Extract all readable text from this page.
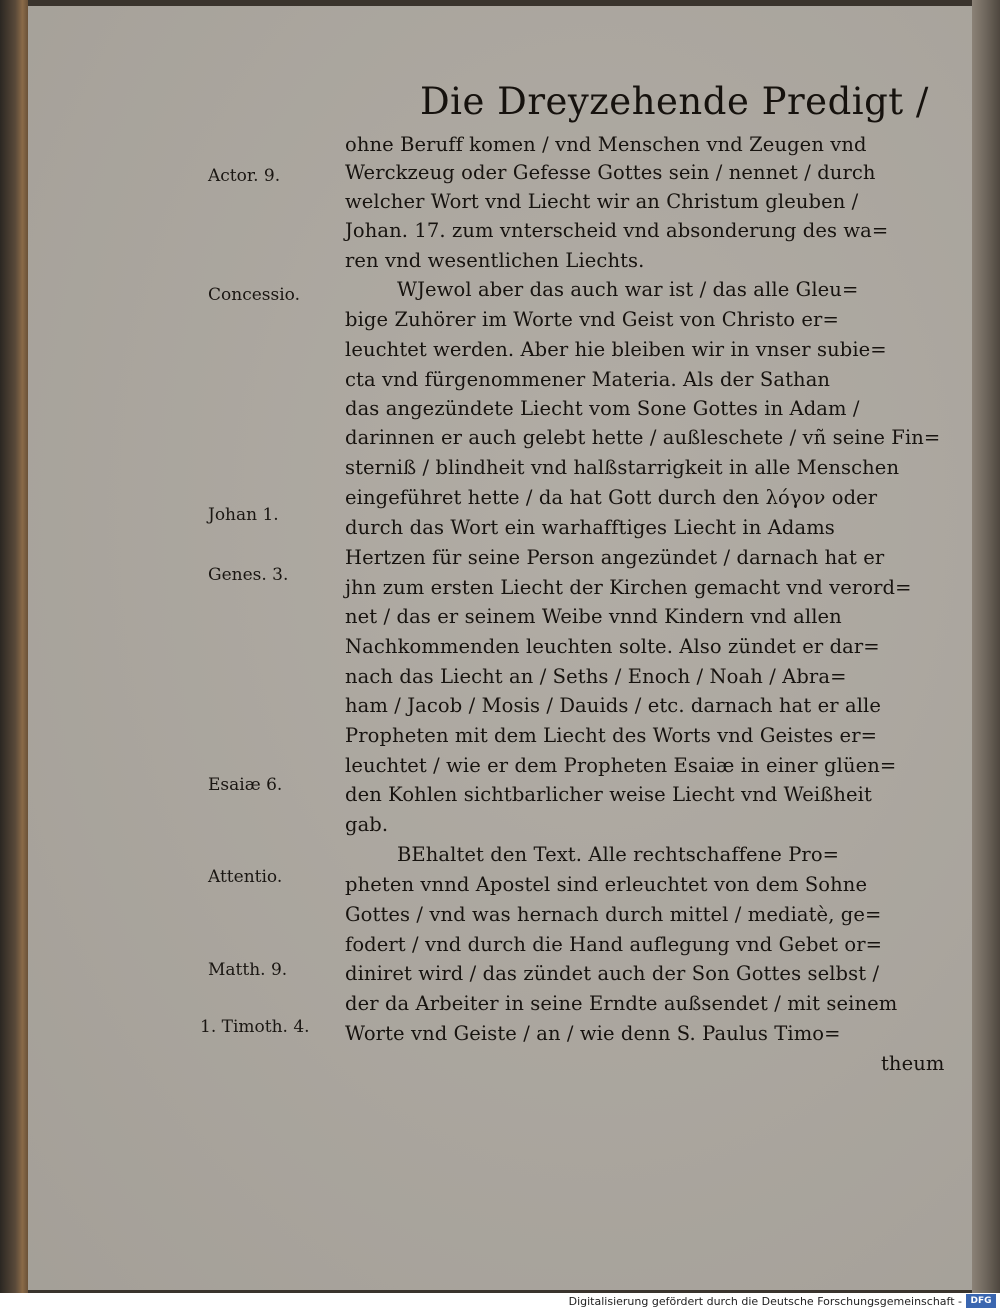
Die Dreyzehende Predigt /
Actor. 9.
Concessio.
Johan 1.
Genes. 3.
Esaiæ 6.
Attentio.
Matth. 9.
1. Timoth. 4.
ohne Beruff komen / vnd Menschen vnd Zeugen vnd
Werckzeug oder Gefesse Gottes sein / nennet / durch
welcher Wort vnd Liecht wir an Christum gleuben /
Johan. 17. zum vnterscheid vnd absonderung des wa=
ren vnd wesentlichen Liechts.
WJewol aber das auch war ist / das alle Gleu=
bige Zuhörer im Worte vnd Geist von Christo er=
leuchtet werden. Aber hie bleiben wir in vnser subie=
cta vnd fürgenommener Materia. Als der Sathan
das angezündete Liecht vom Sone Gottes in Adam /
darinnen er auch gelebt hette / außleschete / vñ seine Fin=
sterniß / blindheit vnd halßstarrigkeit in alle Menschen
eingeführet hette / da hat Gott durch den λόγον oder
durch das Wort ein warhafftiges Liecht in Adams
Hertzen für seine Person angezündet / darnach hat er
jhn zum ersten Liecht der Kirchen gemacht vnd verord=
net / das er seinem Weibe vnnd Kindern vnd allen
Nachkommenden leuchten solte. Also zündet er dar=
nach das Liecht an / Seths / Enoch / Noah / Abra=
ham / Jacob / Mosis / Dauids / etc. darnach hat er alle
Propheten mit dem Liecht des Worts vnd Geistes er=
leuchtet / wie er dem Propheten Esaiæ in einer glüen=
den Kohlen sichtbarlicher weise Liecht vnd Weißheit
gab.
BEhaltet den Text. Alle rechtschaffene Pro=
pheten vnnd Apostel sind erleuchtet von dem Sohne
Gottes / vnd was hernach durch mittel / mediatè, ge=
fodert / vnd durch die Hand auflegung vnd Gebet or=
diniret wird / das zündet auch der Son Gottes selbst /
der da Arbeiter in seine Erndte außsendet / mit seinem
Worte vnd Geiste / an / wie denn S. Paulus Timo=
theum
Digitalisierung gefördert durch die Deutsche Forschungsgemeinschaft - DFG
